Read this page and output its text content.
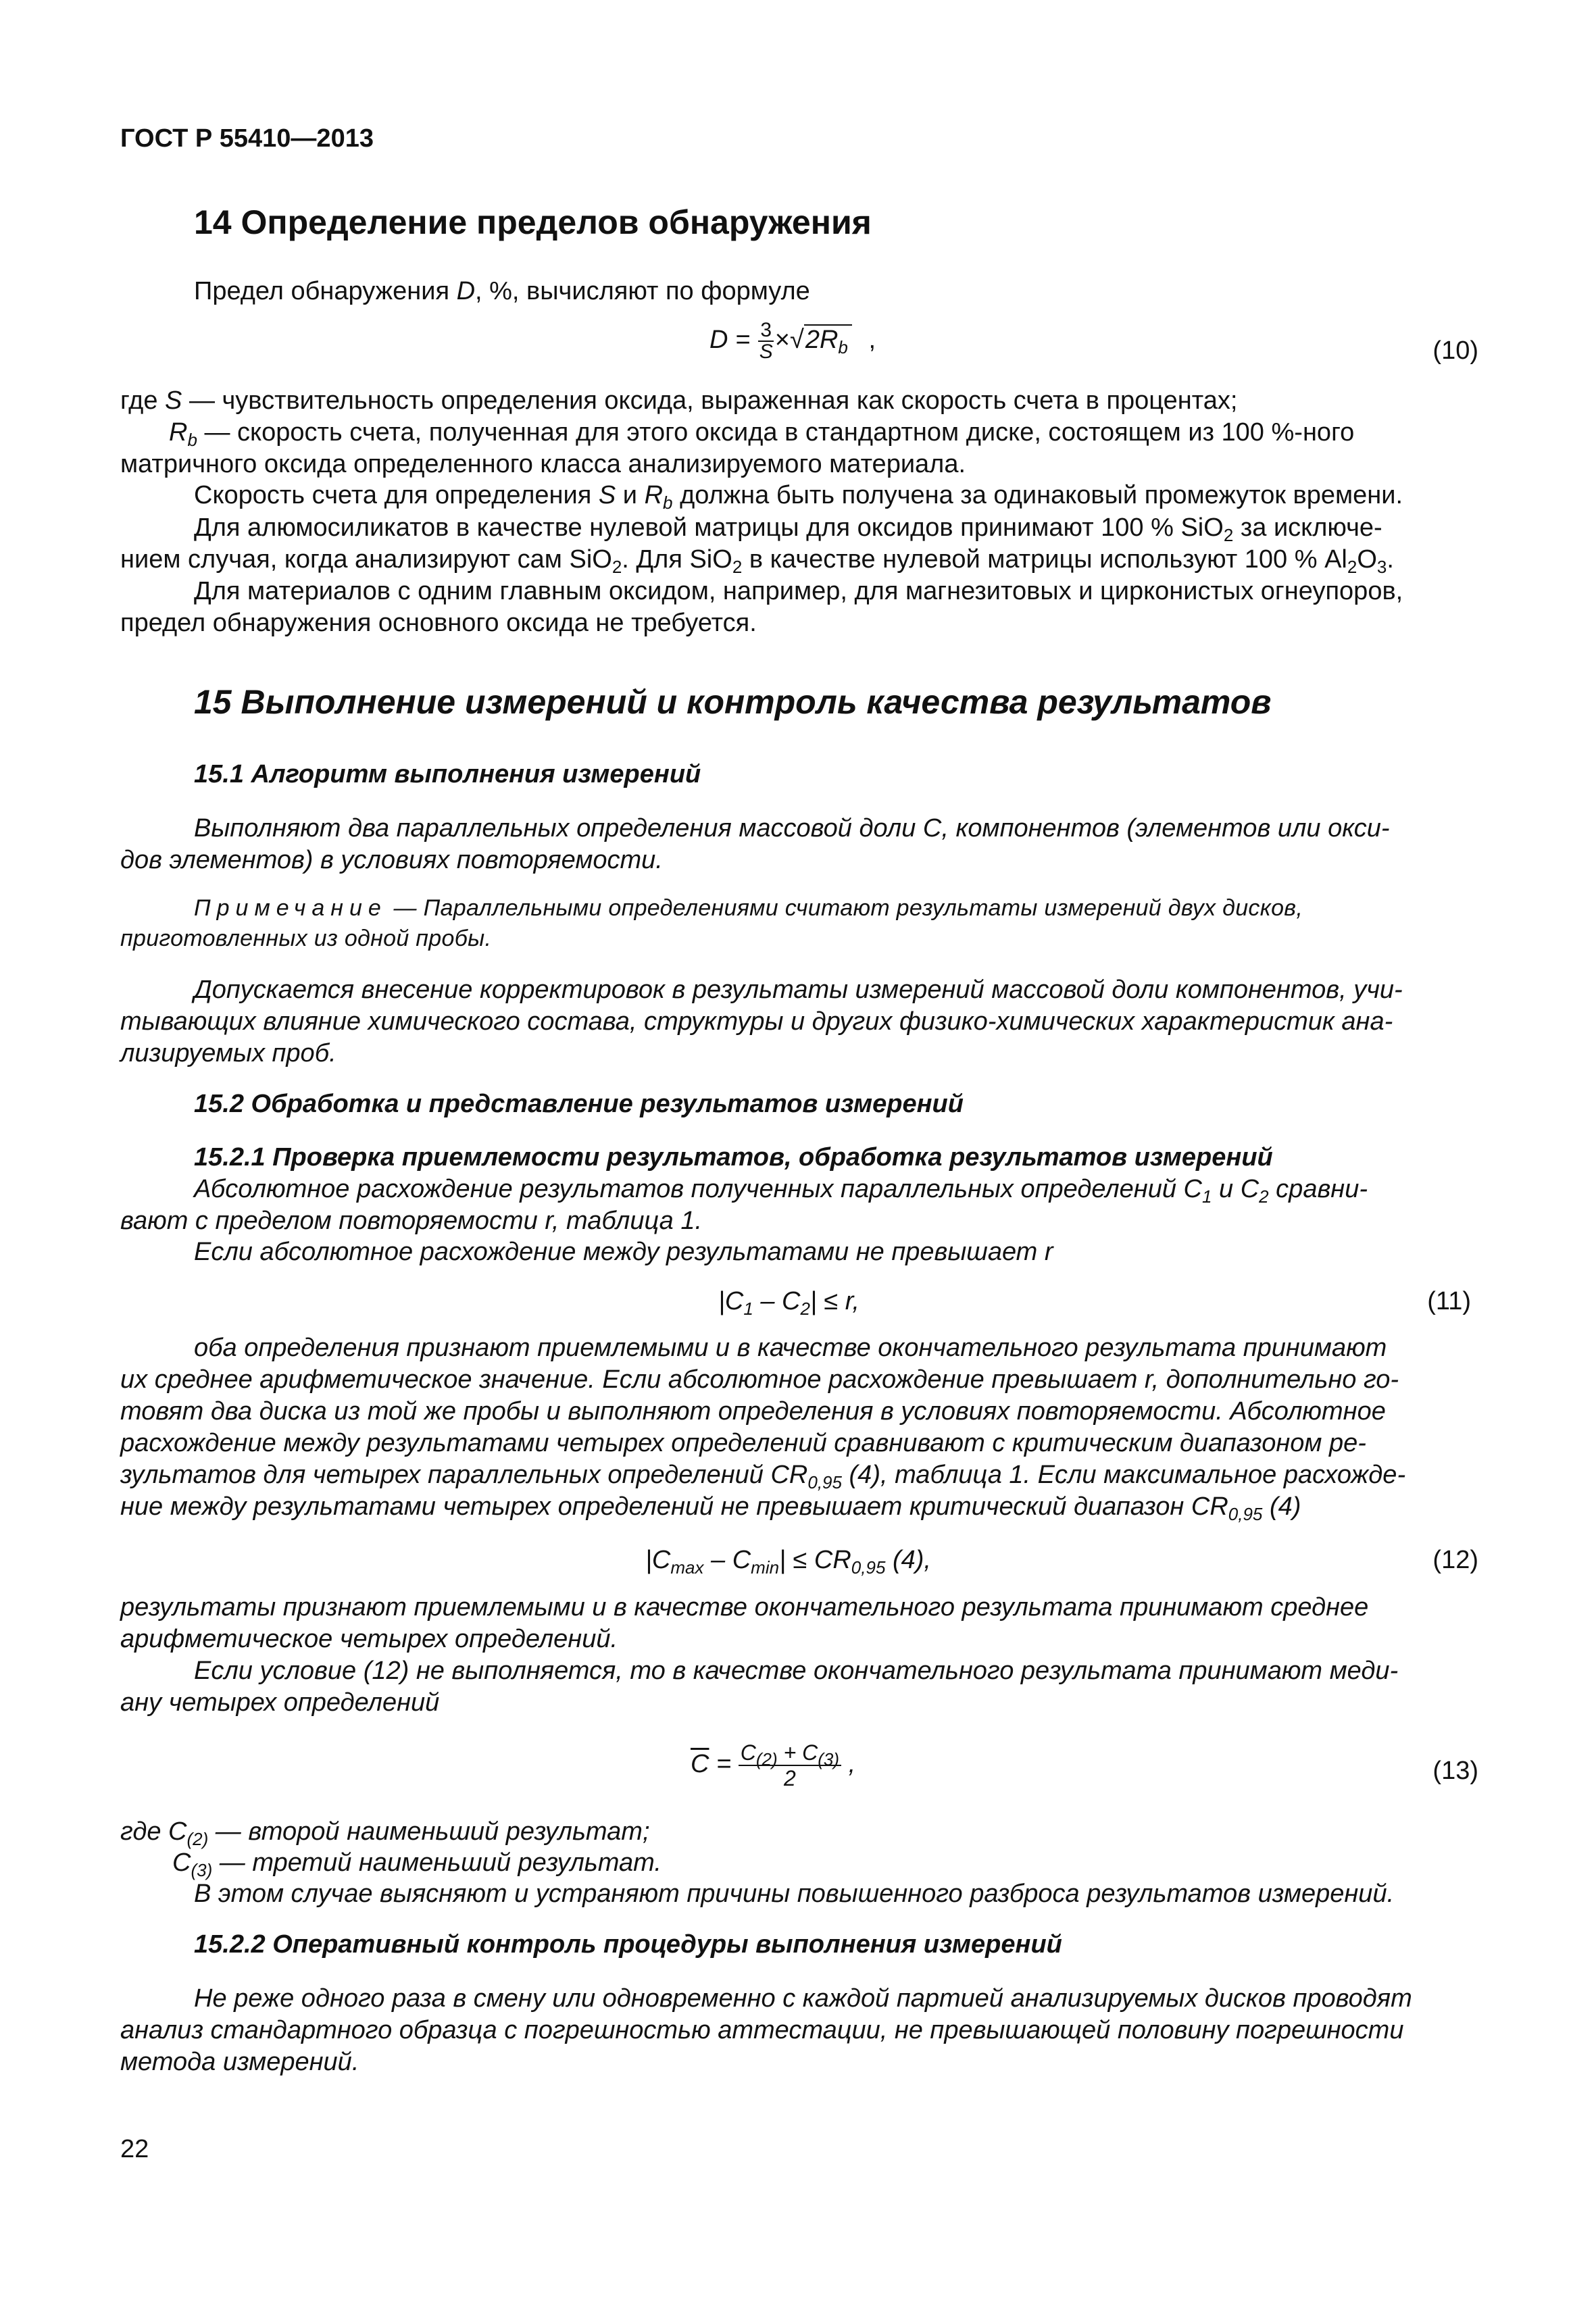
ГОСТ Р 55410—2013
14 Определение пределов обнаружения
Предел обнаружения D, %, вычисляют по формуле
$D = \frac{3}{S} \times√2R_b$ ,	(10)
где S — чувствительность определения оксида, выраженная как скорость счета в процентах;
$R_b$ — скорость счета, полученная для этого оксида в стандартном диске, состоящем из 100 %-ного
матричного оксида определенного класса анализируемого материала.
Скорость счета для определения S и $R_b$ должна быть получена за одинаковый промежуток времени.
Для алюмосиликатов в качестве нулевой матрицы для оксидов принимают 100 % SiO$_2$ за исключе-
нием случая, когда анализируют сам SiO$_2$. Для SiO$_2$ в качестве нулевой матрицы используют 100 % $Al_2O_3$.
Для материалов с одним главным оксидом, например, для магнезитовых и цирконистых огнеупоров,
предел обнаружения основного оксида не требуется.
15 Выполнение измерений и контроль качества результатов
15.1 Алгоритм выполнения измерений
Выполняют два параллельных определения массовой доли C, компонентов (элементов или окси-
дов элементов) в условиях повторяемости.
Примечание — Параллельными определениями считают результаты измерений двух дисков,
приготовленных из одной пробы.
Допускается внесение корректировок в результаты измерений массовой доли компонентов, учи-
тывающих влияние химического состава, структуры и других физико-химических характеристик ана-
лизируемых проб.
15.2 Обработка и представление результатов измерений
15.2.1 Проверка приемлемости результатов, обработка результатов измерений
Абсолютное расхождение результатов полученных параллельных определений $C_1$ и $C_2$ сравни-
вают с пределом повторяемости r, таблица 1.
Если абсолютное расхождение между результатами не превышает r
$|C_1 - C_2| \le r$,	(11)
оба определения признают приемлемыми и в качестве окончательного результата принимают
их среднее арифметическое значение. Если абсолютное расхождение превышает r, дополнительно го-
товят два диска из той же пробы и выполняют определения в условиях повторяемости. Абсолютное
расхождение между результатами четырех определений сравнивают с критическим диапазоном ре-
зультатов для четырех параллельных определений $CR_{0,95}$ (4), таблица 1. Если максимальное расхожде-
ние между результатами четырех определений не превышает критический диапазон $CR_{0,95}$ (4)
$|C_{max} - C_{min}| \le CR_{0,95}$ (4),	(12)
результаты признают приемлемыми и в качестве окончательного результата принимают среднее
арифметическое четырех определений.
Если условие (12) не выполняется, то в качестве окончательного результата принимают меди-
ану четырех определений
$\overline{C} = \frac{C_{(2)} + C_{(3)}}{2}$ ,	(13)
где $C_{(2)}$ — второй наименьший результат;
$C_{(3)}$ — третий наименьший результат.
В этом случае выясняют и устраняют причины повышенного разброса результатов измерений.
15.2.2 Оперативный контроль процедуры выполнения измерений
Не реже одного раза в смену или одновременно с каждой партией анализируемых дисков проводят
анализ стандартного образца с погрешностью аттестации, не превышающей половину погрешности
метода измерений.
22
